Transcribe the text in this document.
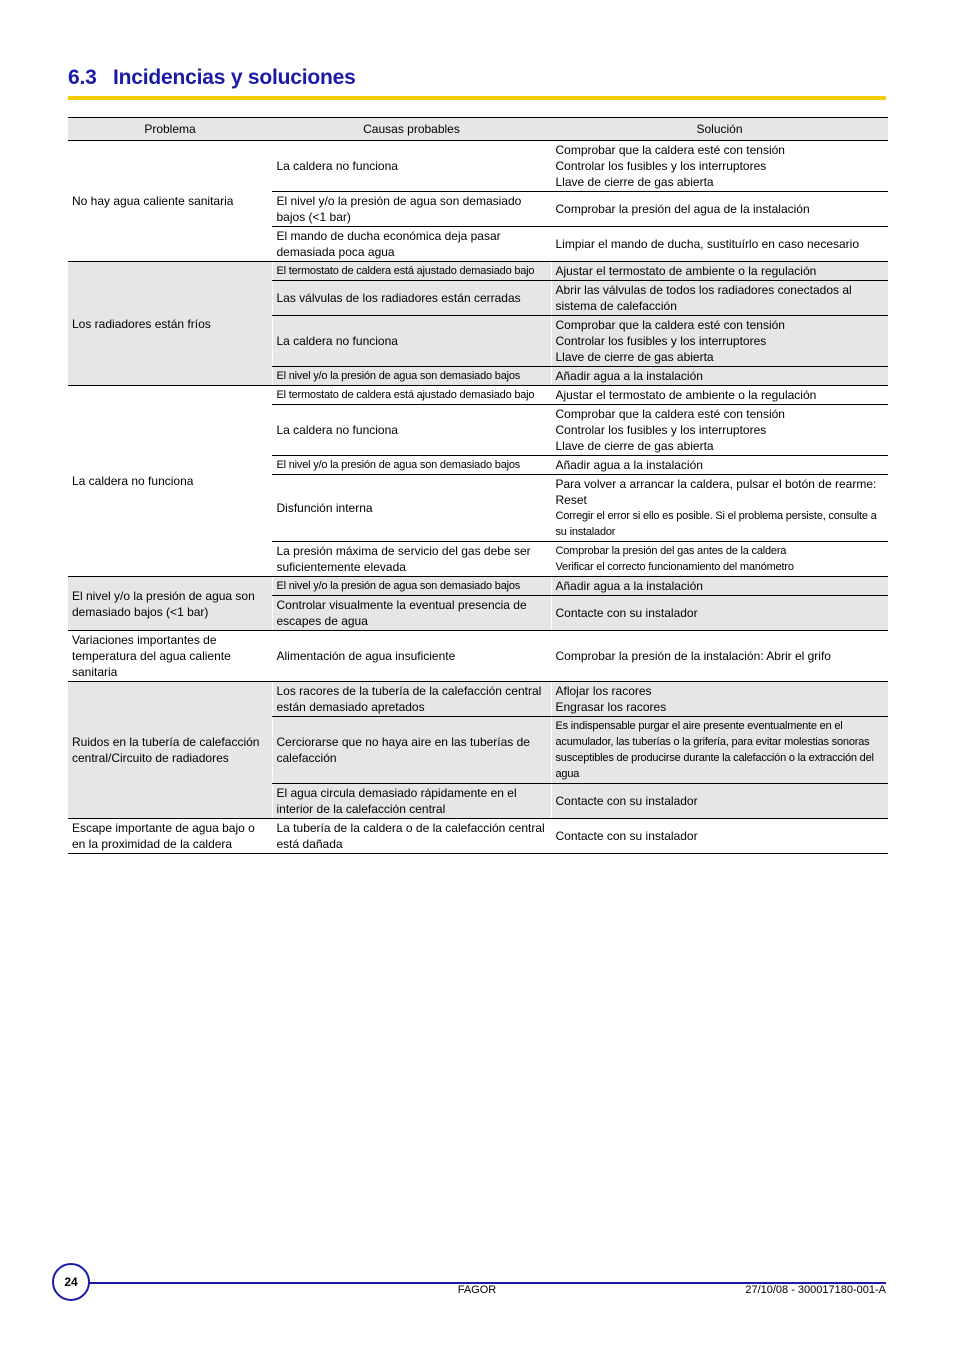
6.3 Incidencias y soluciones
Problema	Causas probables	Solución
No hay agua caliente sanitaria	La caldera no funciona	Comprobar que la caldera esté con tensión
Controlar los fusibles y los interruptores
Llave de cierre de gas abierta

	El nivel y/o la presión de agua son demasiado bajos (<1 bar)	Comprobar la presión del agua de la instalación

	El mando de ducha económica deja pasar demasiada poca agua	Limpiar el mando de ducha, sustituírlo en caso necesario

Los radiadores están fríos	El termostato de caldera está ajustado demasiado bajo	Ajustar el termostato de ambiente o la regulación

	Las válvulas de los radiadores están cerradas	Abrir las válvulas de todos los radiadores conectados al sistema de calefacción

	La caldera no funciona	Comprobar que la caldera esté con tensión
Controlar los fusibles y los interruptores
Llave de cierre de gas abierta

	El nivel y/o la presión de agua son demasiado bajos	Añadir agua a la instalación

La caldera no funciona	El termostato de caldera está ajustado demasiado bajo	Ajustar el termostato de ambiente o la regulación

	La caldera no funciona	Comprobar que la caldera esté con tensión
Controlar los fusibles y los interruptores
Llave de cierre de gas abierta

	El nivel y/o la presión de agua son demasiado bajos	Añadir agua a la instalación

	Disfunción interna	Para volver a arrancar la caldera, pulsar el botón de rearme: Reset
Corregir el error si ello es posible. Si el problema persiste, consulte a su instalador

	La presión máxima de servicio del gas debe ser suficientemente elevada	Comprobar la presión del gas antes de la caldera
Verificar el correcto funcionamiento del manómetro

El nivel y/o la presión de agua son demasiado bajos (<1 bar)	El nivel y/o la presión de agua son demasiado bajos	Añadir agua a la instalación

	Controlar visualmente la eventual presencia de escapes de agua	Contacte con su instalador

Variaciones importantes de temperatura del agua caliente sanitaria	Alimentación de agua insuficiente	Comprobar la presión de la instalación: Abrir el grifo

Ruidos en la tubería de calefacción central/Circuito de radiadores	Los racores de la tubería de la calefacción central están demasiado apretados	Aflojar los racores
Engrasar los racores

	Cerciorarse que no haya aire en las tuberías de calefacción	Es indispensable purgar el aire presente eventualmente en el acumulador, las tuberías o la grifería, para evitar molestias sonoras susceptibles de producirse durante la calefacción o la extracción del agua

	El agua circula demasiado rápidamente en el interior de la calefacción central	Contacte con su instalador

Escape importante de agua bajo o en la proximidad de la caldera	La tubería de la caldera o de la calefacción central está dañada	Contacte con su instalador
24
FAGOR	27/10/08 - 300017180-001-A
